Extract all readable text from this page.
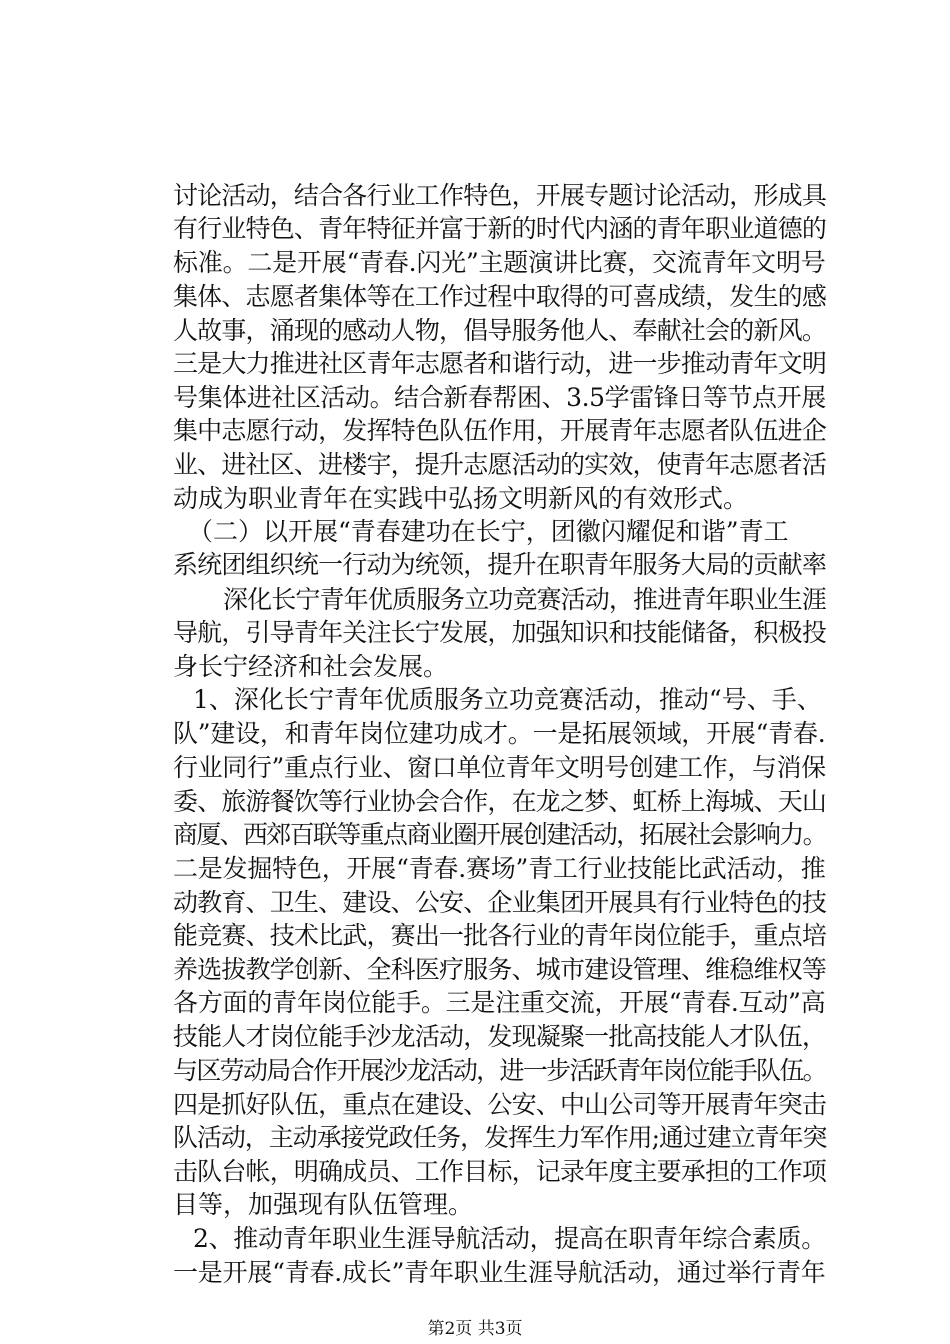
讨论活动，结合各行业工作特色，开展专题讨论活动，形成具
有行业特色、青年特征并富于新的时代内涵的青年职业道德的
标准。二是开展“青春.闪光”主题演讲比赛，交流青年文明号
集体、志愿者集体等在工作过程中取得的可喜成绩，发生的感
人故事，涌现的感动人物，倡导服务他人、奉献社会的新风。
三是大力推进社区青年志愿者和谐行动，进一步推动青年文明
号集体进社区活动。结合新春帮困、3.5学雷锋日等节点开展
集中志愿行动，发挥特色队伍作用，开展青年志愿者队伍进企
业、进社区、进楼宇，提升志愿活动的实效，使青年志愿者活
动成为职业青年在实践中弘扬文明新风的有效形式。
（二）以开展“青春建功在长宁，团徽闪耀促和谐”青工
系统团组织统一行动为统领，提升在职青年服务大局的贡献率
深化长宁青年优质服务立功竞赛活动，推进青年职业生涯
导航，引导青年关注长宁发展，加强知识和技能储备，积极投
身长宁经济和社会发展。
1、深化长宁青年优质服务立功竞赛活动，推动“号、手、
队”建设，和青年岗位建功成才。一是拓展领域，开展“青春.
行业同行”重点行业、窗口单位青年文明号创建工作，与消保
委、旅游餐饮等行业协会合作，在龙之梦、虹桥上海城、天山
商厦、西郊百联等重点商业圈开展创建活动，拓展社会影响力。
二是发掘特色，开展“青春.赛场”青工行业技能比武活动，推
动教育、卫生、建设、公安、企业集团开展具有行业特色的技
能竞赛、技术比武，赛出一批各行业的青年岗位能手，重点培
养选拔教学创新、全科医疗服务、城市建设管理、维稳维权等
各方面的青年岗位能手。三是注重交流，开展“青春.互动”高
技能人才岗位能手沙龙活动，发现凝聚一批高技能人才队伍，
与区劳动局合作开展沙龙活动，进一步活跃青年岗位能手队伍。
四是抓好队伍，重点在建设、公安、中山公司等开展青年突击
队活动，主动承接党政任务，发挥生力军作用;通过建立青年突
击队台帐，明确成员、工作目标，记录年度主要承担的工作项
目等，加强现有队伍管理。
2、推动青年职业生涯导航活动，提高在职青年综合素质。
一是开展“青春.成长”青年职业生涯导航活动，通过举行青年
第2页 共3页
